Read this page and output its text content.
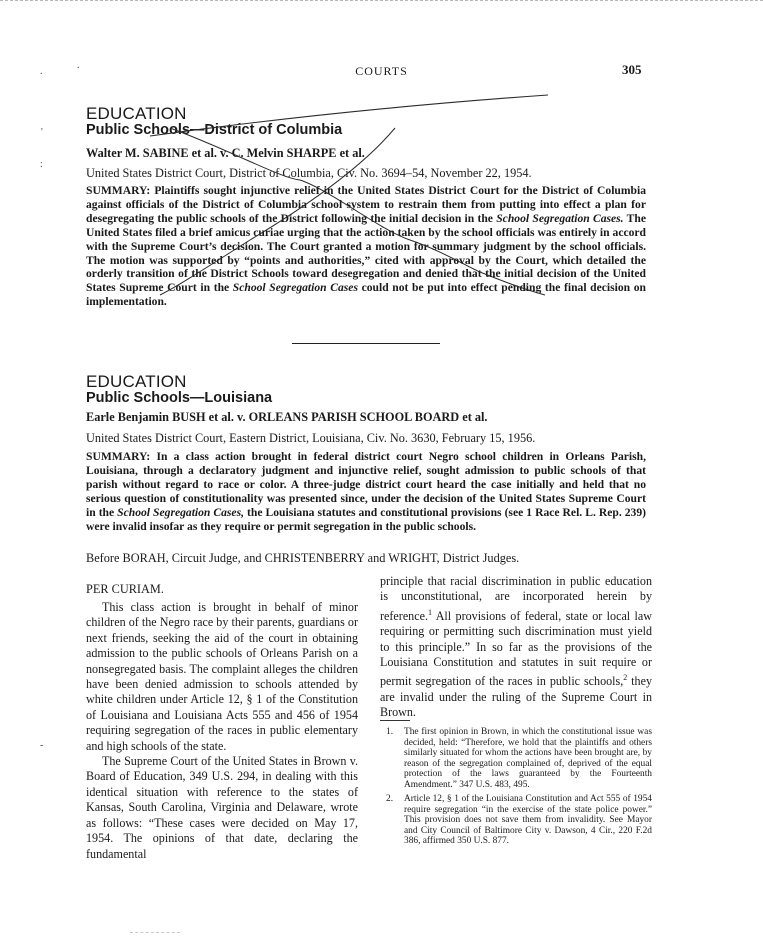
.
.
'
:
-
COURTS	305
EDUCATION
Public Schools—District of Columbia
Walter M. SABINE et al. v. C. Melvin SHARPE et al.
United States District Court, District of Columbia, Civ. No. 3694–54, November 22, 1954.

SUMMARY: Plaintiffs sought injunctive relief in the United States District Court for the District of Columbia against officials of the District of Columbia school system to restrain them from putting into effect a plan for desegregating the public schools of the District following the initial decision in the School Segregation Cases. The United States filed a brief amicus curiae urging that the action taken by the school officials was entirely in accord with the Supreme Court’s decision. The Court granted a motion for summary judgment by the school officials. The motion was supported by “points and authorities,” cited with approval by the Court, which detailed the orderly transition of the District Schools toward desegregation and denied that the initial decision of the United States Supreme Court in the School Segregation Cases could not be put into effect pending the final decision on implementation.

EDUCATION
Public Schools—Louisiana
Earle Benjamin BUSH et al. v. ORLEANS PARISH SCHOOL BOARD et al.
United States District Court, Eastern District, Louisiana, Civ. No. 3630, February 15, 1956.

SUMMARY: In a class action brought in federal district court Negro school children in Orleans Parish, Louisiana, through a declaratory judgment and injunctive relief, sought admission to public schools of that parish without regard to race or color. A three-judge district court heard the case initially and held that no serious question of constitutionality was presented since, under the decision of the United States Supreme Court in the School Segregation Cases, the Louisiana statutes and constitutional provisions (see 1 Race Rel. L. Rep. 239) were invalid insofar as they require or permit segregation in the public schools.

Before BORAH, Circuit Judge, and CHRISTENBERRY and WRIGHT, District Judges.
PER CURIAM.

This class action is brought in behalf of minor children of the Negro race by their parents, guardians or next friends, seeking the aid of the court in obtaining admission to the public schools of Orleans Parish on a nonsegregated basis. The complaint alleges the children have been denied admission to schools attended by white children under Article 12, § 1 of the Constitution of Louisiana and Louisiana Acts 555 and 456 of 1954 requiring segregation of the races in public elementary and high schools of the state.

The Supreme Court of the United States in Brown v. Board of Education, 349 U.S. 294, in dealing with this identical situation with reference to the states of Kansas, South Carolina, Virginia and Delaware, wrote as follows: “These cases were decided on May 17, 1954. The opinions of that date, declaring the fundamental

principle that racial discrimination in public education is unconstitutional, are incorporated herein by reference.$^1$ All provisions of federal, state or local law requiring or permitting such discrimination must yield to this principle.” In so far as the provisions of the Louisiana Constitution and statutes in suit require or permit segregation of the races in public schools,$^2$ they are invalid under the ruling of the Supreme Court in Brown.

1. The first opinion in Brown, in which the constitutional issue was decided, held: “Therefore, we hold that the plaintiffs and others similarly situated for whom the actions have been brought are, by reason of the segregation complained of, deprived of the equal protection of the laws guaranteed by the Fourteenth Amendment.” 347 U.S. 483, 495.
2. Article 12, § 1 of the Louisiana Constitution and Act 555 of 1954 require segregation “in the exercise of the state police power.” This provision does not save them from invalidity. See Mayor and City Council of Baltimore City v. Dawson, 4 Cir., 220 F.2d 386, affirmed 350 U.S. 877.
